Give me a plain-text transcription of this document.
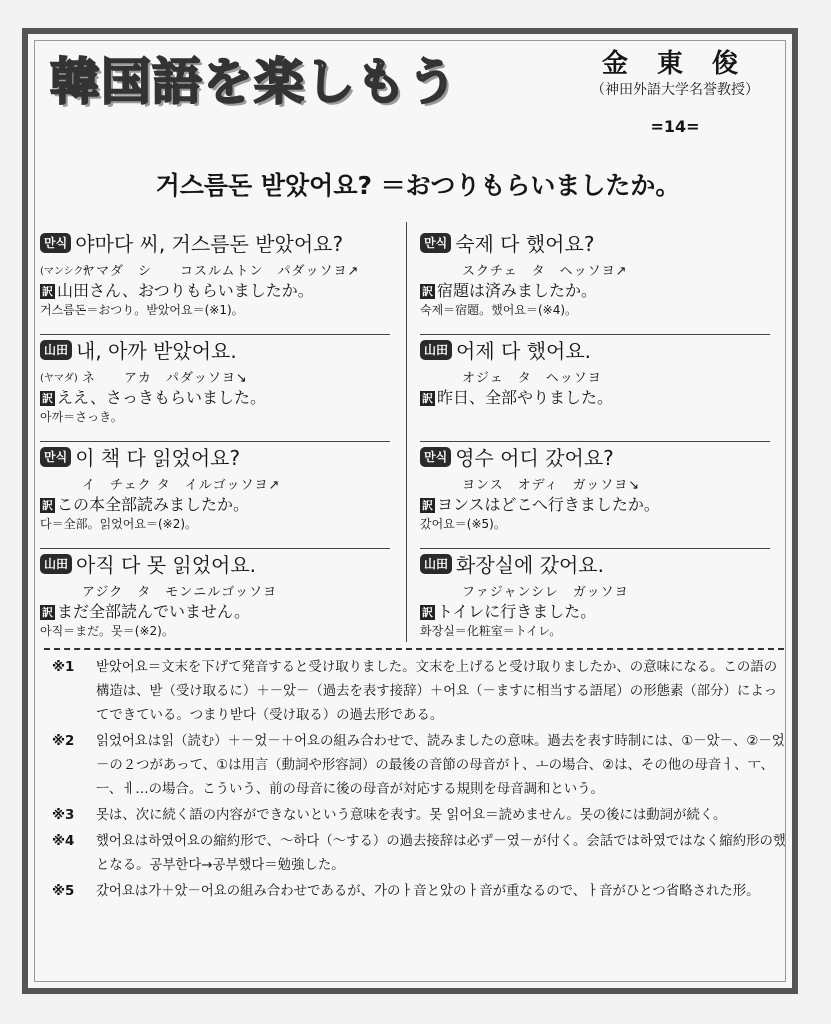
韓国語を楽しもう	金 東 俊
（神田外語大学名誉教授）
=14=
거스름돈 받았어요? ＝おつりもらいましたか。
만식 야마다 씨, 거스름돈 받았어요?
(マンシク)
ヤマダ　シ　　コスルムトン　パダッソヨ↗
訳 山田さん、おつりもらいましたか。
거스름돈＝おつり。받았어요＝(※1)。
山田 내, 아까 받았어요.
(ヤマダ) ネ　　アカ　パダッソヨ↘
訳 ええ、さっきもらいました。
아까＝さっき。
만식 이 책 다 읽었어요?
イ　チェク タ　イルゴッソヨ↗
訳 この本全部読みましたか。
다＝全部。읽었어요＝(※2)。
山田 아직 다 못 읽었어요.
アジク　タ　モンニルゴッソヨ
訳 まだ全部読んでいません。
아직＝まだ。못＝(※2)。
만식 숙제 다 했어요?
スクチェ　タ　ヘッソヨ↗
訳 宿題は済みましたか。
숙제＝宿題。했어요＝(※4)。
山田 어제 다 했어요.
オジェ　タ　ヘッソヨ
訳 昨日、全部やりました。
만식 영수 어디 갔어요?
ヨンス　オディ　ガッソヨ↘
訳 ヨンスはどこへ行きましたか。
갔어요＝(※5)。
山田 화장실에 갔어요.
ファジャンシレ　ガッソヨ
訳 トイレに行きました。
화장실＝化粧室＝トイレ。
※1	받았어요＝文末を下げて発音すると受け取りました。文末を上げると受け取りましたか、の意味になる。この語の構造は、받（受け取るに）＋－았－（過去を表す接辞）＋어요（－ますに相当する語尾）の形態素（部分）によってできている。つまり받다（受け取る）の過去形である。
※2	읽었어요は읽（読む）＋－었－＋어요の組み合わせで、読みましたの意味。過去を表す時制には、①－았－、②－었－の２つがあって、①は用言（動詞や形容詞）の最後の音節の母音がㅏ、ㅗの場合、②は、その他の母音ㅓ、ㅜ、ㅡ、ㅔ…の場合。こういう、前の母音に後の母音が対応する規則を母音調和という。
※3	못は、次に続く語の内容ができないという意味を表す。못 읽어요＝読めません。못の後には動詞が続く。
※4	했어요は하였어요の縮約形で、～하다（～する）の過去接辞は必ず－였－が付く。会話では하였ではなく縮約形の했となる。공부한다→공부했다＝勉強した。
※5	갔어요は가＋았－어요の組み合わせであるが、가のㅏ音と았のㅏ音が重なるので、ㅏ音がひとつ省略された形。
